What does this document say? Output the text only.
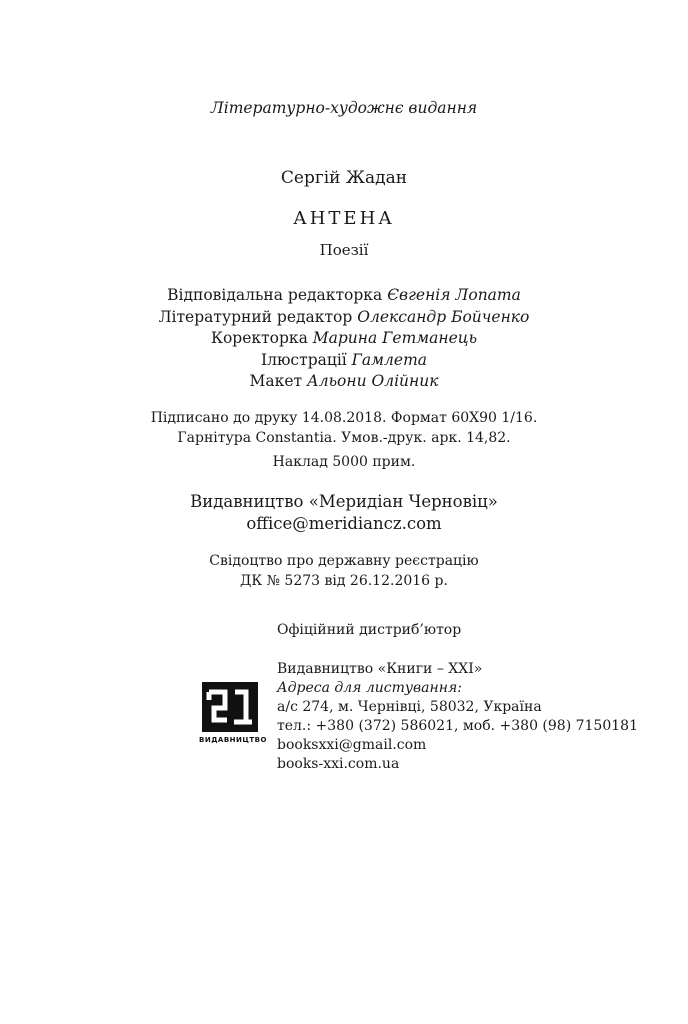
Літературно-художнє видання
Сергій Жадан
АНТЕНА
Поезії
Відповідальна редакторка Євгенія Лопата
Літературний редактор Олександр Бойченко
Коректорка Марина Гетманець
Ілюстрації Гамлета
Макет Альони Олійник
Підписано до друку 14.08.2018. Формат 60Х90 1/16.
Гарнітура Constantia. Умов.-друк. арк. 14,82.
Наклад 5000 прим.
Видавництво «Меридіан Черновіц»
office@meridiancz.com
Свідоцтво про державну реєстрацію
ДК № 5273 від 26.12.2016 р.
Офіційний дистриб’ютор
ВИДАВНИЦТВО
Видавництво «Книги – XXI»
Адреса для листування:
а/с 274, м. Чернівці, 58032, Україна
тел.: +380 (372) 586021, моб. +380 (98) 7150181
booksxxi@gmail.com
books-xxi.com.ua
